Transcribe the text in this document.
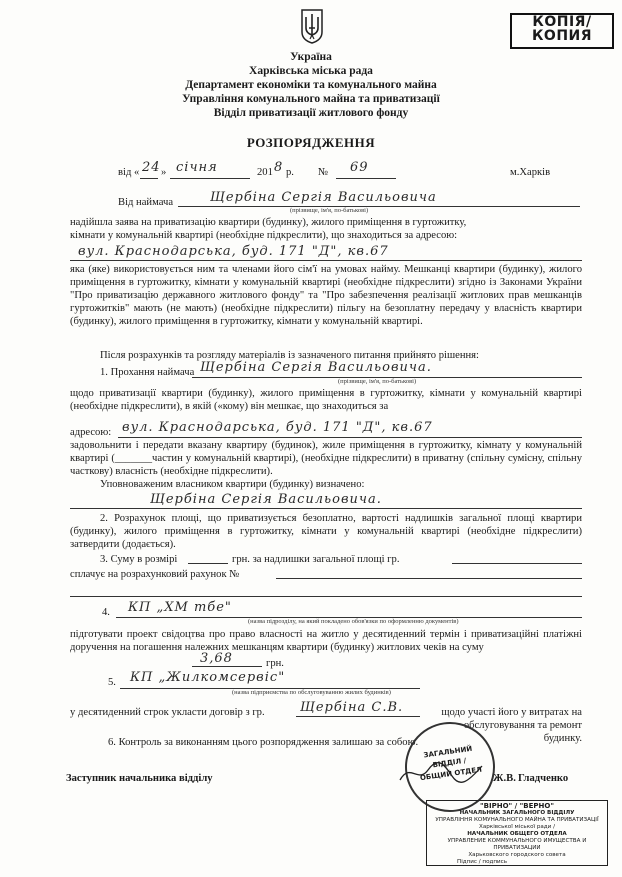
КОПІЯ/
КОПИЯ
Україна
Харківська міська рада
Департамент економіки та комунального майна
Управління комунального майна та приватизації
Відділ приватизації житлового фонду
РОЗПОРЯДЖЕННЯ
від « 24 » січня	201 8 р. № 69	м.Харків
Від наймача	Щербіна Сергія Васильовича
(прізвище, ім'я, по-батькові)
надійшла заява на приватизацію квартири (будинку), жилого приміщення в гуртожитку,
кімнати у комунальній квартирі (необхідне підкреслити), що знаходиться за адресою:
вул. Краснодарська, буд. 171 "Д", кв.67
яка (яке) використовується ним та членами його сім'ї на умовах найму. Мешканці квартири (будинку), жилого приміщення в гуртожитку, кімнати у комунальній квартирі (необхідне підкреслити) згідно із Законами України "Про приватизацію державного житлового фонду" та "Про забезпечення реалізації житлових прав мешканців гуртожитків" мають (не мають) (необхідне підкреслити) пільгу на безоплатну передачу у власність квартири (будинку), жилого приміщення в гуртожитку, кімнати у комунальній квартирі.
Після розрахунків та розгляду матеріалів із зазначеного питання прийнято рішення:
1. Прохання наймача Щербіна Сергія Васильовича.
(прізвище, ім'я, по-батькові)
щодо приватизації квартири (будинку), жилого приміщення в гуртожитку, кімнати у комунальній квартирі (необхідне підкреслити), в якій («кому) він мешкає, що знаходиться за
адресою: вул. Краснодарська, буд. 171 "Д", кв.67
задовольнити і передати вказану квартиру (будинок), жиле приміщення в гуртожитку, кімнату у комунальній квартирі (_______частин у комунальній квартирі), (необхідне підкреслити) в приватну (спільну сумісну, спільну часткову) власність (необхідне підкреслити).
Уповноваженим власником квартири (будинку) визначено:
Щербіна Сергія Васильовича.
2. Розрахунок площі, що приватизується безоплатно, вартості надлишків загальної площі квартири (будинку), жилого приміщення в гуртожитку, кімнати у комунальній квартирі (необхідне підкреслити) затвердити (додається).
3. Суму в розмірі	грн. за надлишки загальної площі гр.
сплачує на розрахунковий рахунок №
4. КП „ХМ тбе"
(назва підрозділу, на який покладено обов'язки по оформленню документів)
підготувати проект свідоцтва про право власності на житло у десятиденний термін і приватизаційні платіжні доручення на погашення належних мешканцям квартири (будинку) житлових чеків на суму
3,68	грн.
5. КП „Жилкомсервіс"
(назва підприємства по обслуговуванню жилих будинків)
у десятиденний строк укласти договір з гр.	Щербіна С.В.	щодо участі його у витратах на обслуговування та ремонт будинку.
6. Контроль за виконанням цього розпорядження залишаю за собою.
ЗАГАЛЬНИЙ
ВІДДІЛ /
ОБЩИЙ ОТДЕЛ
Заступник начальника відділу	Ж.В. Гладченко
"ВІРНО" / "ВЕРНО"
НАЧАЛЬНИК ЗАГАЛЬНОГО ВІДДІЛУ
УПРАВЛІННЯ КОМУНАЛЬНОГО МАЙНА ТА ПРИВАТИЗАЦІЇ
Харківської міської ради /
НАЧАЛЬНИК ОБЩЕГО ОТДЕЛА
УПРАВЛЕНИЕ КОММУНАЛЬНОГО ИМУЩЕСТВА И ПРИВАТИЗАЦИИ
Харьковского городского совета
Підпис / подпись
